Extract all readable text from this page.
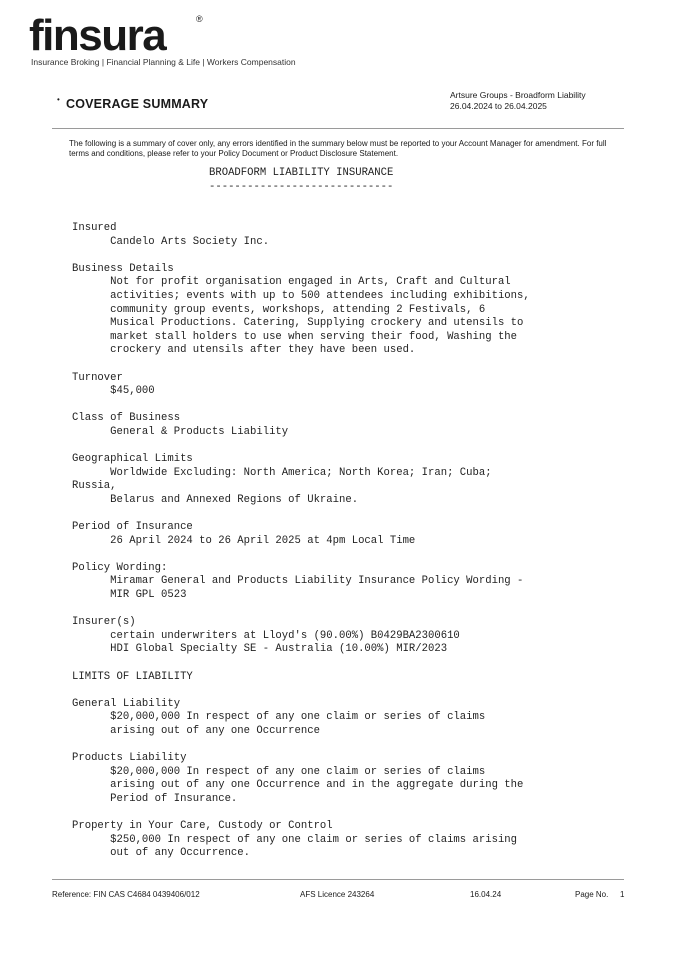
finsura	®
Insurance Broking | Financial Planning & Life | Workers Compensation
• COVERAGE SUMMARY
Artsure Groups - Broadform Liability
26.04.2024 to 26.04.2025
The following is a summary of cover only, any errors identified in the summary below must be reported to your Account Manager for amendment. For full terms and conditions, please refer to your Policy Document or Product Disclosure Statement.
BROADFORM LIABILITY INSURANCE
-----------------------------
Insured
Candelo Arts Society Inc.

Business Details
Not for profit organisation engaged in Arts, Craft and Cultural
activities; events with up to 500 attendees including exhibitions,
community group events, workshops, attending 2 Festivals, 6
Musical Productions. Catering, Supplying crockery and utensils to
market stall holders to use when serving their food, Washing the
crockery and utensils after they have been used.

Turnover
$45,000

Class of Business
General & Products Liability

Geographical Limits
Worldwide Excluding: North America; North Korea; Iran; Cuba;
Russia,
Belarus and Annexed Regions of Ukraine.

Period of Insurance
26 April 2024 to 26 April 2025 at 4pm Local Time

Policy Wording:
Miramar General and Products Liability Insurance Policy Wording -
MIR GPL 0523

Insurer(s)
certain underwriters at Lloyd's (90.00%) B0429BA2300610
HDI Global Specialty SE - Australia (10.00%) MIR/2023

LIMITS OF LIABILITY

General Liability
$20,000,000 In respect of any one claim or series of claims
arising out of any one Occurrence

Products Liability
$20,000,000 In respect of any one claim or series of claims
arising out of any one Occurrence and in the aggregate during the
Period of Insurance.

Property in Your Care, Custody or Control
$250,000 In respect of any one claim or series of claims arising
out of any Occurrence.
Reference: FIN CAS C4684 0439406/012	AFS Licence 243264	16.04.24	Page No. 1
